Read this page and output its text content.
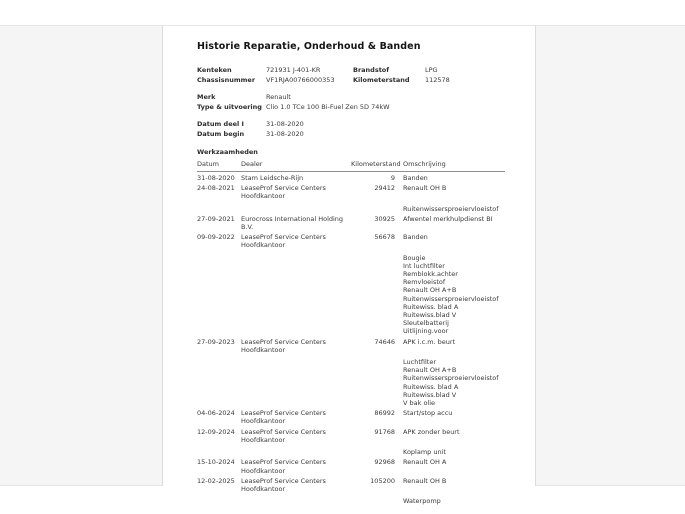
Historie Reparatie, Onderhoud & Banden
Kenteken	721931 J-401-KR	Brandstof	LPG
Chassisnummer	VF1RJA00766000353	Kilometerstand	112578
Merk	Renault
Type & uitvoering Clio 1.0 TCe 100 Bi-Fuel Zen 5D 74kW
Datum deel I	31-08-2020
Datum begin	31-08-2020
Werkzaamheden
Datum	Dealer	Kilometerstand Omschrijving
31-08-2020 Stam Leidsche-Rijn	9	Banden
24-08-2021 LeaseProf Service Centers
Hoofdkantoor
29412	Renault OH B
Ruitenwissersproeiervloeistof
27-09-2021 Eurocross International Holding
B.V.
30925	Afwentel merkhulpdienst BI
09-09-2022 LeaseProf Service Centers
Hoofdkantoor
56678	Banden
Bougie
Int luchtfilter
Remblokk.achter
Remvloeistof
Renault OH A+B
Ruitenwissersproeiervloeistof
Ruitewiss. blad A
Ruitewiss.blad V
Sleutelbatterij
Uitlijning.voor
27-09-2023 LeaseProf Service Centers
Hoofdkantoor
74646	APK i.c.m. beurt
Luchtfilter
Renault OH A+B
Ruitenwissersproeiervloeistof
Ruitewiss. blad A
Ruitewiss.blad V
V bak olie
04-06-2024 LeaseProf Service Centers
Hoofdkantoor
86992	Start/stop accu
12-09-2024 LeaseProf Service Centers
Hoofdkantoor
91768	APK zonder beurt
Koplamp unit
15-10-2024 LeaseProf Service Centers
Hoofdkantoor
92968	Renault OH A
12-02-2025 LeaseProf Service Centers
Hoofdkantoor
105200	Renault OH B
Waterpomp
